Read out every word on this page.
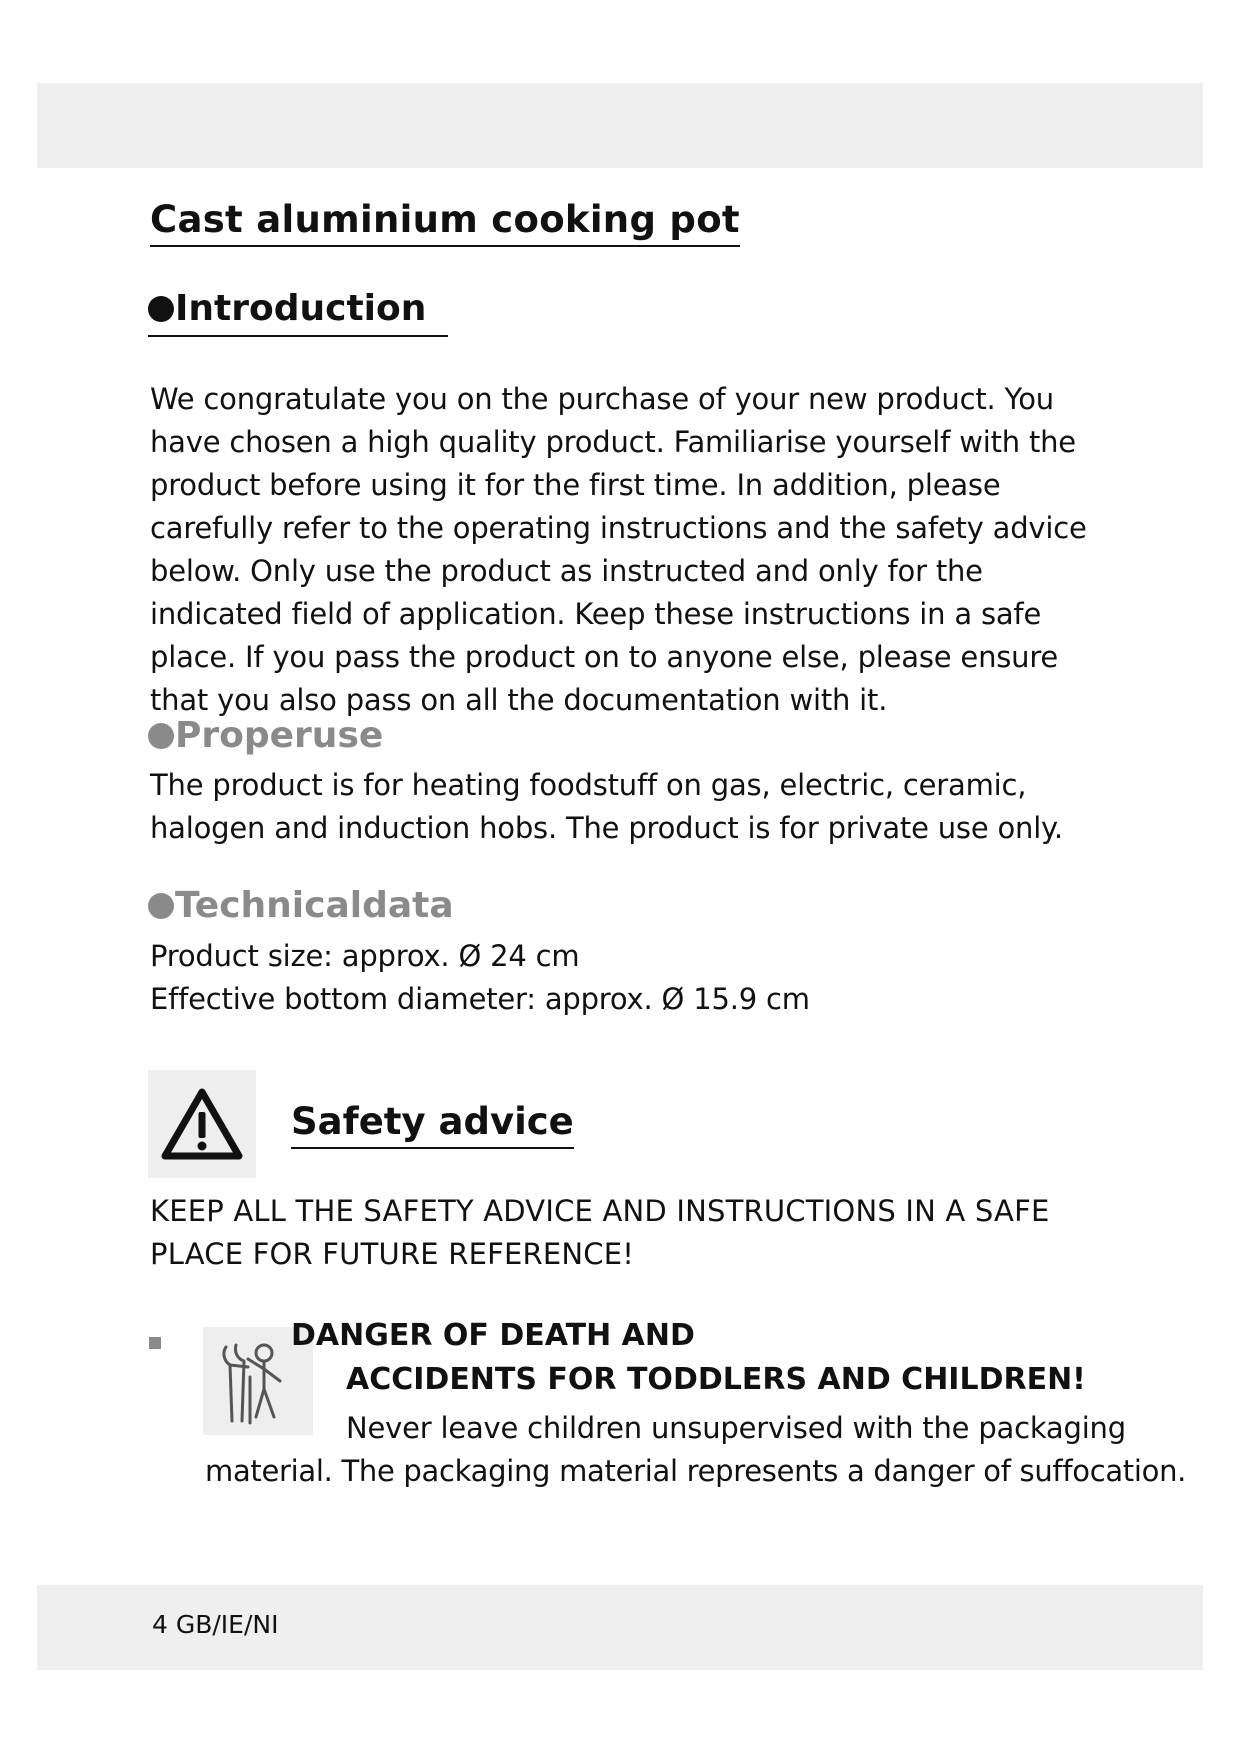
Cast aluminium cooking pot
Introduction

We congratulate you on the purchase of your new product. You have chosen a high quality product. Familiarise yourself with the product before using it for the first time. In addition, please carefully refer to the operating instructions and the safety advice below. Only use the product as instructed and only for the indicated field of application. Keep these instructions in a safe place. If you pass the product on to anyone else, please ensure that you also pass on all the documentation with it.

Properuse

The product is for heating foodstuff on gas, electric, ceramic, halogen and induction hobs. The product is for private use only.

Technicaldata

Product size: approx. Ø 24 cm

Effective bottom diameter: approx. Ø 15.9 cm

Safety advice

KEEP ALL THE SAFETY ADVICE AND INSTRUCTIONS IN A SAFE PLACE FOR FUTURE REFERENCE!

DANGER OF DEATH AND

ACCIDENTS FOR TODDLERS AND CHILDREN!

Never leave children unsupervised with the packaging

material. The packaging material represents a danger of suffocation.

4 GB/IE/NI
